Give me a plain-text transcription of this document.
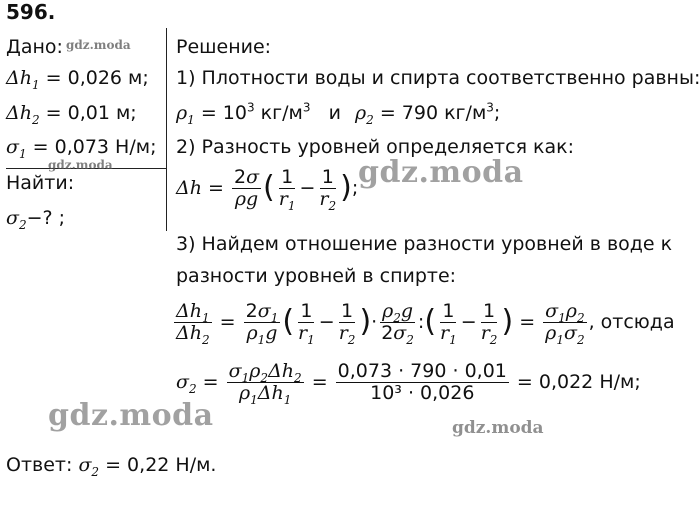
596.
Дано:
$\Delta h_1 = 0,026$ м;
$\Delta h_2 = 0,01$ м;
$\sigma_1 = 0,073$ Н/м;
Найти:
$\sigma_2-$? ;
Решение:
1) Плотности воды и спирта соответственно равны:
$\rho_1 = 10^3$ $кг/м^3$ и $\rho_2 = 790$ $кг/м^3$;
2) Разность уровней определяется как:
$\Delta h = \frac{2\sigma}{\rho g}$ ( $\frac{1}{r_1} - \frac{1}{r_2}$ ) ;
3) Найдем отношение разности уровней в воде к
разности уровней в спирте:
$\frac{\Delta h_1}{\Delta h_2} = \frac{2\sigma_1}{\rho_1g}$ ( $\frac{1}{r_1} - \frac{1}{r_2}$ ) · $\frac{\rho_2g}{2\sigma_2}$ : ( $\frac{1}{r_1} - \frac{1}{r_2}$ ) = $\frac{\sigma_1\rho_2}{\rho_1\sigma_2}$ , отсюда
$\sigma_2 = \frac{\sigma_1\rho_2\Delta h_2}{\rho_1\Delta h_1} = \frac{0,073 \cdot 790 \cdot 0,01}{\text{10³ · 0,026}}$
= 0,022 Н/м;
Ответ: $\sigma_2 = 0,22$ Н/м.
gdz.moda
gdz.moda	gdz.moda
gdz.moda	gdz.moda
